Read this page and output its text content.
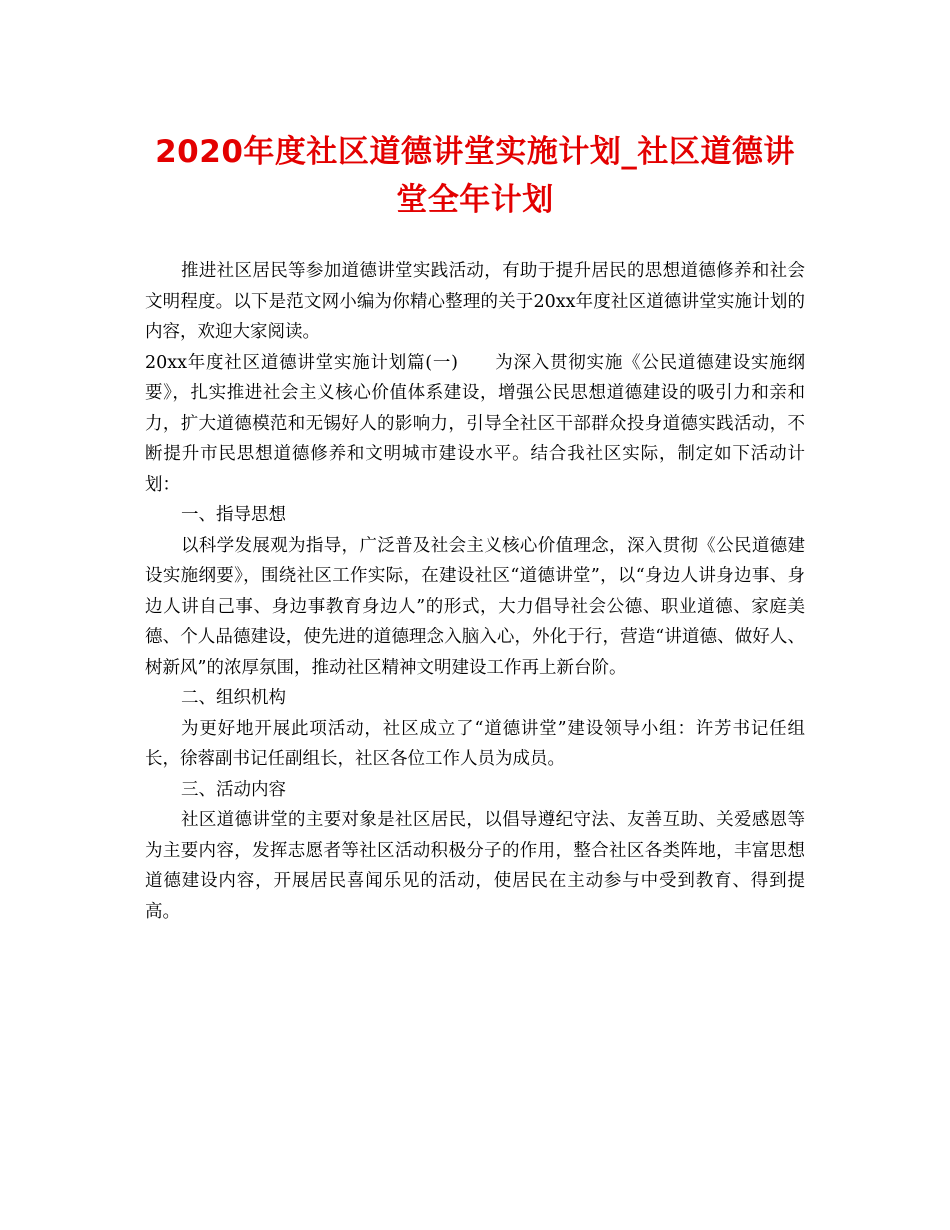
2020年度社区道德讲堂实施计划_社区道德讲堂全年计划

推进社区居民等参加道德讲堂实践活动，有助于提升居民的思想道德修养和社会文明程度。以下是范文网小编为你精心整理的关于20xx年度社区道德讲堂实施计划的内容，欢迎大家阅读。

20xx年度社区道德讲堂实施计划篇(一)　　为深入贯彻实施《公民道德建设实施纲要》，扎实推进社会主义核心价值体系建设，增强公民思想道德建设的吸引力和亲和力，扩大道德模范和无锡好人的影响力，引导全社区干部群众投身道德实践活动，不断提升市民思想道德修养和文明城市建设水平。结合我社区实际，制定如下活动计划：

一、指导思想

以科学发展观为指导，广泛普及社会主义核心价值理念，深入贯彻《公民道德建设实施纲要》，围绕社区工作实际，在建设社区“道德讲堂”，以“身边人讲身边事、身边人讲自己事、身边事教育身边人”的形式，大力倡导社会公德、职业道德、家庭美德、个人品德建设，使先进的道德理念入脑入心，外化于行，营造“讲道德、做好人、树新风”的浓厚氛围，推动社区精神文明建设工作再上新台阶。

二、组织机构

为更好地开展此项活动，社区成立了“道德讲堂”建设领导小组：许芳书记任组长，徐蓉副书记任副组长，社区各位工作人员为成员。

三、活动内容

社区道德讲堂的主要对象是社区居民，以倡导遵纪守法、友善互助、关爱感恩等为主要内容，发挥志愿者等社区活动积极分子的作用，整合社区各类阵地，丰富思想道德建设内容，开展居民喜闻乐见的活动，使居民在主动参与中受到教育、得到提高。
